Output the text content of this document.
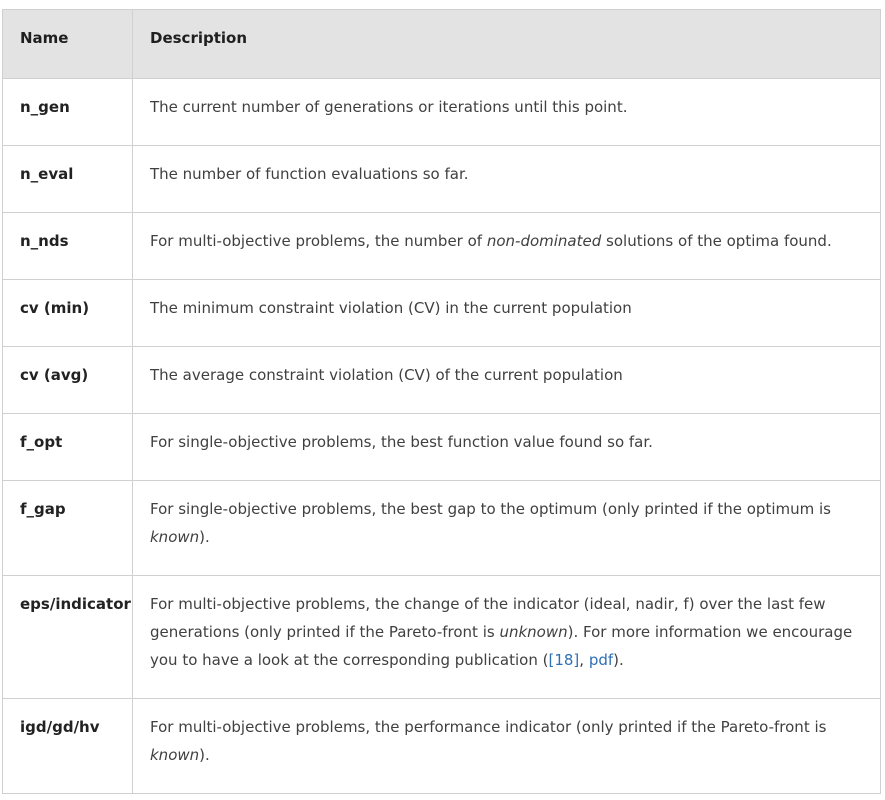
Name	Description

n_gen	The current number of generations or iterations until this point.

n_eval	The number of function evaluations so far.

n_nds	For multi-objective problems, the number of non-dominated solutions of the optima found.

cv (min)	The minimum constraint violation (CV) in the current population

cv (avg)	The average constraint violation (CV) of the current population

f_opt	For single-objective problems, the best function value found so far.

f_gap	For single-objective problems, the best gap to the optimum (only printed if the optimum is known).

eps/indicator	For multi-objective problems, the change of the indicator (ideal, nadir, f) over the last few generations (only printed if the Pareto-front is unknown). For more information we encourage you to have a look at the corresponding publication ([18], pdf).

igd/gd/hv	For multi-objective problems, the performance indicator (only printed if the Pareto-front is known).
